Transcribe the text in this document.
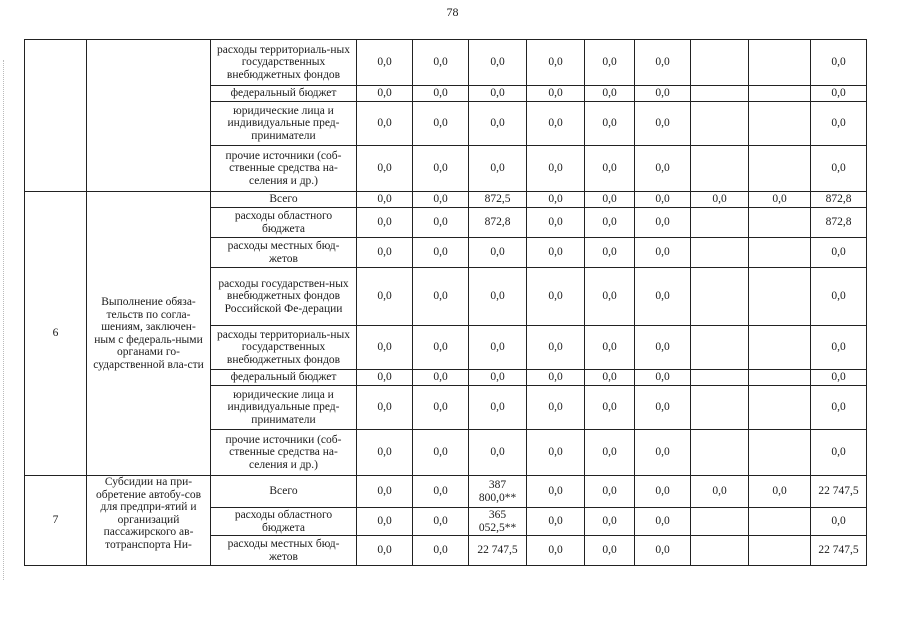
78
		расходы территориаль-ных государственных внебюджетных фондов	0,0	0,0	0,0	0,0	0,0	0,0			0,0
		федеральный бюджет	0,0	0,0	0,0	0,0	0,0	0,0			0,0
		юридические лица и индивидуальные пред-приниматели	0,0	0,0	0,0	0,0	0,0	0,0			0,0
		прочие источники (соб-ственные средства на-селения и др.)	0,0	0,0	0,0	0,0	0,0	0,0			0,0
6	Выполнение обяза-тельств по согла-шениям, заключен-ным с федераль-ными органами го-сударственной вла-сти	Всего	0,0	0,0	872,5	0,0	0,0	0,0	0,0	0,0	872,8
		расходы областного бюджета	0,0	0,0	872,8	0,0	0,0	0,0			872,8
		расходы местных бюд-жетов	0,0	0,0	0,0	0,0	0,0	0,0			0,0
		расходы государствен-ных внебюджетных фондов Российской Фе-дерации	0,0	0,0	0,0	0,0	0,0	0,0			0,0
		расходы территориаль-ных государственных внебюджетных фондов	0,0	0,0	0,0	0,0	0,0	0,0			0,0
		федеральный бюджет	0,0	0,0	0,0	0,0	0,0	0,0			0,0
		юридические лица и индивидуальные пред-приниматели	0,0	0,0	0,0	0,0	0,0	0,0			0,0
		прочие источники (соб-ственные средства на-селения и др.)	0,0	0,0	0,0	0,0	0,0	0,0			0,0
7	Субсидии на при-обретение автобу-сов для предпри-ятий и организаций пассажирского ав-тотранспорта Ни-	Всего	0,0	0,0	387 800,0**	0,0	0,0	0,0	0,0	0,0	22 747,5
		расходы областного бюджета	0,0	0,0	365 052,5**	0,0	0,0	0,0			0,0
		расходы местных бюд-жетов	0,0	0,0	22 747,5	0,0	0,0	0,0			22 747,5
